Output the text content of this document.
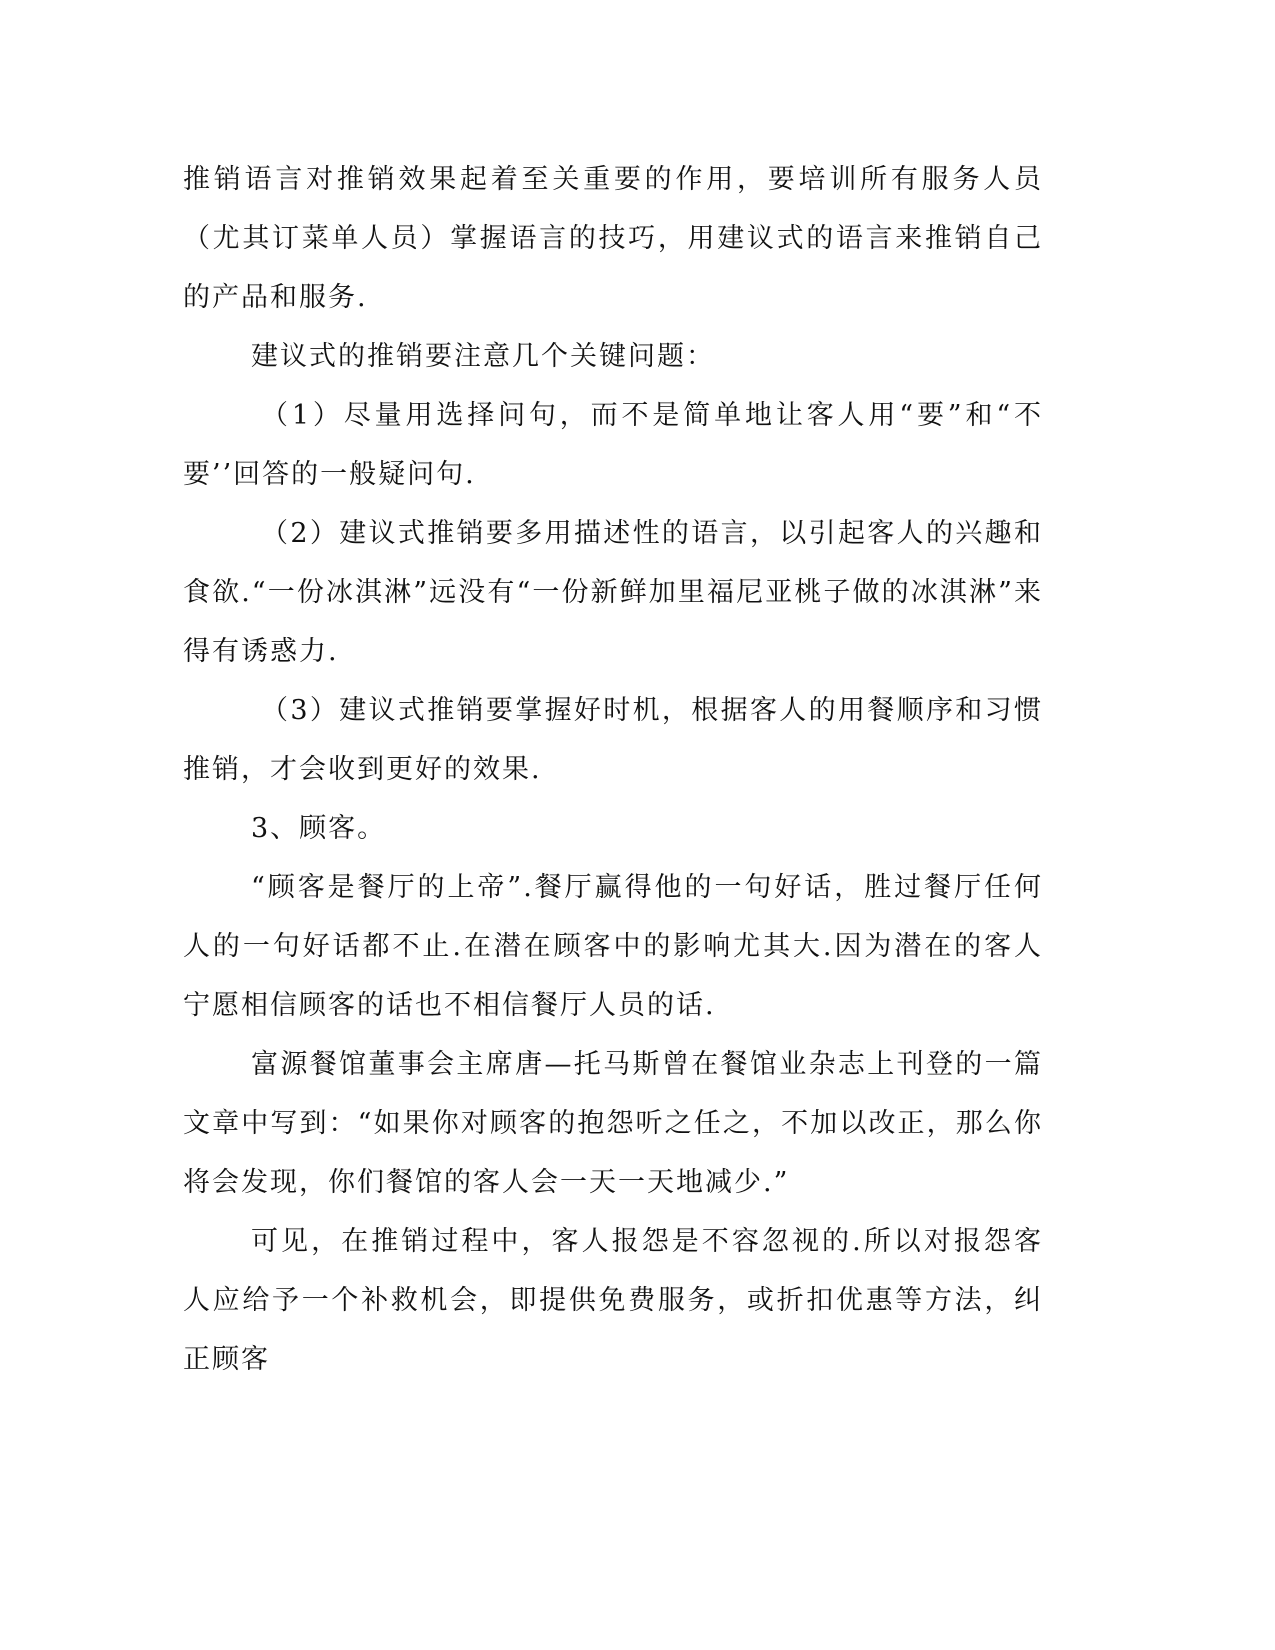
推销语言对推销效果起着至关重要的作用，要培训所有服务人员（尤其订菜单人员）掌握语言的技巧，用建议式的语言来推销自己的产品和服务.

建议式的推销要注意几个关键问题：

（1）尽量用选择问句，而不是简单地让客人用“要”和“不要’’回答的一般疑问句.

（2）建议式推销要多用描述性的语言，以引起客人的兴趣和食欲.“一份冰淇淋”远没有“一份新鲜加里福尼亚桃子做的冰淇淋”来得有诱惑力.

（3）建议式推销要掌握好时机，根据客人的用餐顺序和习惯推销，才会收到更好的效果.

3、顾客。

“顾客是餐厅的上帝”.餐厅赢得他的一句好话，胜过餐厅任何人的一句好话都不止.在潜在顾客中的影响尤其大.因为潜在的客人宁愿相信顾客的话也不相信餐厅人员的话.

富源餐馆董事会主席唐—托马斯曾在餐馆业杂志上刊登的一篇文章中写到：“如果你对顾客的抱怨听之任之，不加以改正，那么你将会发现，你们餐馆的客人会一天一天地减少.”

可见，在推销过程中，客人报怨是不容忽视的.所以对报怨客人应给予一个补救机会，即提供免费服务，或折扣优惠等方法，纠正顾客
